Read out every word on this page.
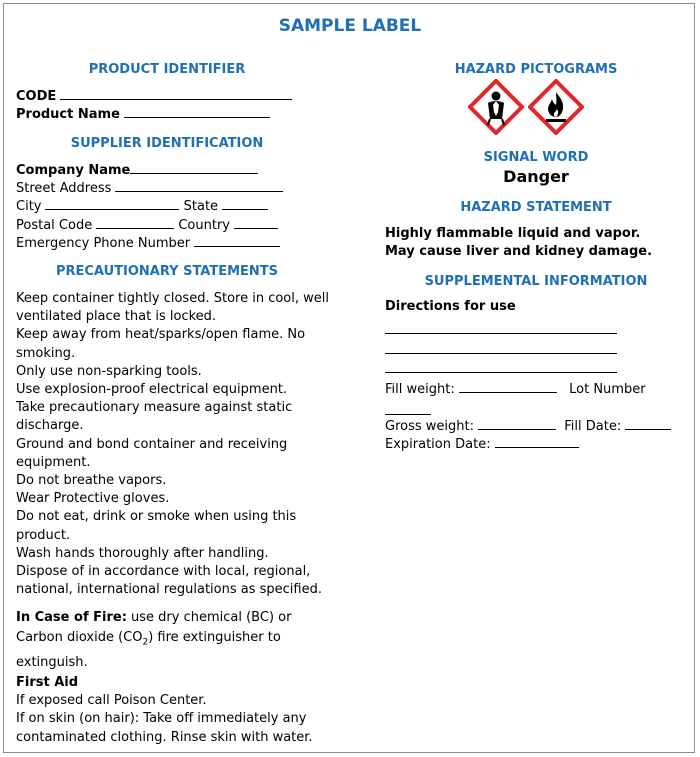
SAMPLE LABEL
PRODUCT IDENTIFIER
CODE
Product Name
SUPPLIER IDENTIFICATION
Company Name
Street Address
City	State
Postal Code	Country
Emergency Phone Number
PRECAUTIONARY STATEMENTS
Keep container tightly closed. Store in cool, well
ventilated place that is locked.
Keep away from heat/sparks/open flame. No
smoking.
Only use non-sparking tools.
Use explosion-proof electrical equipment.
Take precautionary measure against static
discharge.
Ground and bond container and receiving
equipment.
Do not breathe vapors.
Wear Protective gloves.
Do not eat, drink or smoke when using this
product.
Wash hands thoroughly after handling.
Dispose of in accordance with local, regional,
national, international regulations as specified.
In Case of Fire: use dry chemical (BC) or
Carbon dioxide $(CO_2)$ fire extinguisher to
extinguish.
First Aid
If exposed call Poison Center.
If on skin (on hair): Take off immediately any
contaminated clothing. Rinse skin with water.
HAZARD PICTOGRAMS
SIGNAL WORD
Danger
HAZARD STATEMENT
Highly flammable liquid and vapor.
May cause liver and kidney damage.
SUPPLEMENTAL INFORMATION
Directions for use
Fill weight:	Lot Number
Gross weight:	Fill Date:
Expiration Date:
